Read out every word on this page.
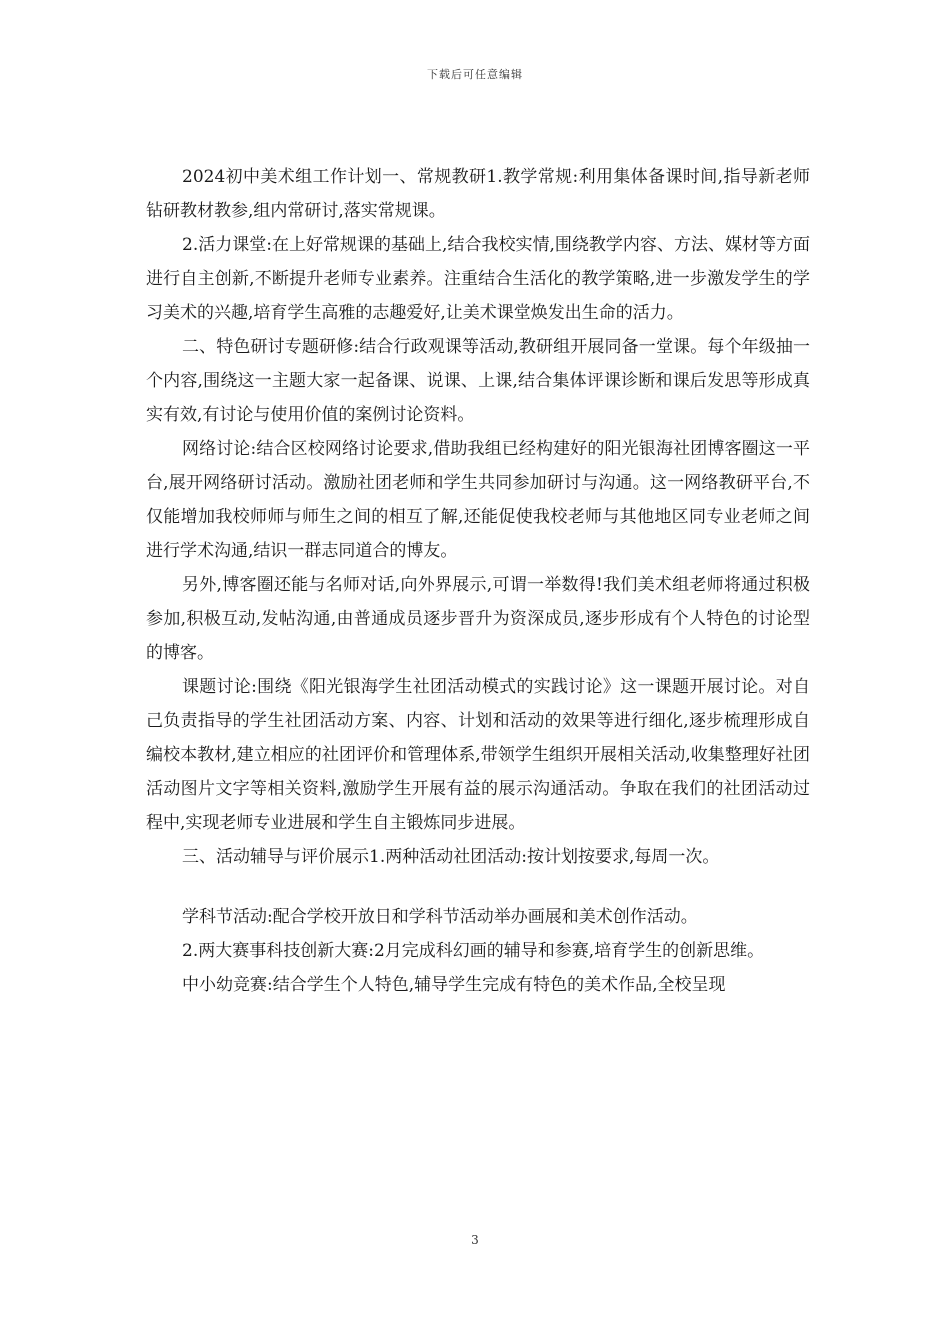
下载后可任意编辑

2024初中美术组工作计划一、常规教研1.教学常规:利用集体备课时间,指导新老师钻研教材教参,组内常研讨,落实常规课。

2.活力课堂:在上好常规课的基础上,结合我校实情,围绕教学内容、方法、媒材等方面进行自主创新,不断提升老师专业素养。注重结合生活化的教学策略,进一步激发学生的学习美术的兴趣,培育学生高雅的志趣爱好,让美术课堂焕发出生命的活力。

二、特色研讨专题研修:结合行政观课等活动,教研组开展同备一堂课。每个年级抽一个内容,围绕这一主题大家一起备课、说课、上课,结合集体评课诊断和课后发思等形成真实有效,有讨论与使用价值的案例讨论资料。

网络讨论:结合区校网络讨论要求,借助我组已经构建好的阳光银海社团博客圈这一平台,展开网络研讨活动。激励社团老师和学生共同参加研讨与沟通。这一网络教研平台,不仅能增加我校师师与师生之间的相互了解,还能促使我校老师与其他地区同专业老师之间进行学术沟通,结识一群志同道合的博友。

另外,博客圈还能与名师对话,向外界展示,可谓一举数得!我们美术组老师将通过积极参加,积极互动,发帖沟通,由普通成员逐步晋升为资深成员,逐步形成有个人特色的讨论型的博客。

课题讨论:围绕《阳光银海学生社团活动模式的实践讨论》这一课题开展讨论。对自己负责指导的学生社团活动方案、内容、计划和活动的效果等进行细化,逐步梳理形成自编校本教材,建立相应的社团评价和管理体系,带领学生组织开展相关活动,收集整理好社团活动图片文字等相关资料,激励学生开展有益的展示沟通活动。争取在我们的社团活动过程中,实现老师专业进展和学生自主锻炼同步进展。

三、活动辅导与评价展示1.两种活动社团活动:按计划按要求,每周一次。

学科节活动:配合学校开放日和学科节活动举办画展和美术创作活动。

2.两大赛事科技创新大赛:2月完成科幻画的辅导和参赛,培育学生的创新思维。

中小幼竞赛:结合学生个人特色,辅导学生完成有特色的美术作品,全校呈现

3
